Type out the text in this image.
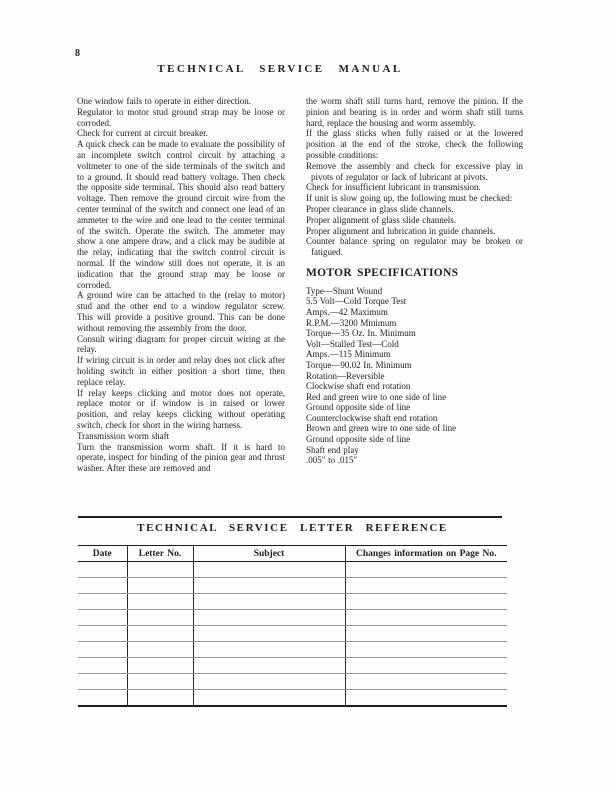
8
TECHNICAL SERVICE MANUAL

One window fails to operate in either direction.

Regulator to motor stud ground strap may be loose or corroded.

Check for current at circuit breaker.

A quick check can be made to evaluate the possibility of an incomplete switch control circuit by attaching a voltmeter to one of the side terminals of the switch and to a ground. It should read battery voltage. Then check the opposite side terminal. This should also read battery voltage. Then remove the ground circuit wire from the center terminal of the switch and connect one lead of an ammeter to the wire and one lead to the center terminal of the switch. Operate the switch. The ammeter may show a one ampere draw, and a click may be audible at the relay, indicating that the switch control circuit is normal. If the window still does not operate, it is an indication that the ground strap may be loose or corroded.

A ground wire can be attached to the (relay to motor) stud and the other end to a window regulator screw. This will provide a positive ground. This can be done without removing the assembly from the door.

Consult wiring diagram for proper circuit wiring at the relay.

If wiring circuit is in order and relay does not click after holding switch in either position a short time, then replace relay.

If relay keeps clicking and motor does not operate, replace motor or if window is in raised or lower position, and relay keeps clicking without operating switch, check for short in the wiring harness.

Transmission worm shaft

Turn the transmission worm shaft. If it is hard to operate, inspect for binding of the pinion gear and thrust washer. After these are removed and

the worm shaft still turns hard, remove the pinion. If the pinion and bearing is in order and worm shaft still turns hard, replace the housing and worm assembly.

If the glass sticks when fully raised or at the lowered position at the end of the stroke, check the following possible conditions:

Remove the assembly and check for excessive play in pivots of regulator or lack of lubricant at pivots.

Check for insufficient lubricant in transmission.

If unit is slow going up, the following must be checked:

Proper clearance in glass slide channels.

Proper alignment of glass slide channels.

Proper alignment and lubrication in guide channels.

Counter balance spring on regulator may be broken or fatigued.

MOTOR SPECIFICATIONS

Type—Shunt Wound

5.5 Volt—Cold Torque Test

Amps.—42 Maximum

R.P.M.—3200 Minimum

Torque—35 Oz. In. Minimum

Volt—Stalled Test—Cold

Amps.—115 Minimum

Torque—90.02 In. Minimum

Rotation—Reversible

Clockwise shaft end rotation

Red and green wire to one side of line

Ground opposite side of line

Counterclockwise shaft end rotation

Brown and green wire to one side of line

Ground opposite side of line

Shaft end play

.005″ to .015″

TECHNICAL SERVICE LETTER REFERENCE
Date	Letter No.	Subject	Changes information on Page No.
